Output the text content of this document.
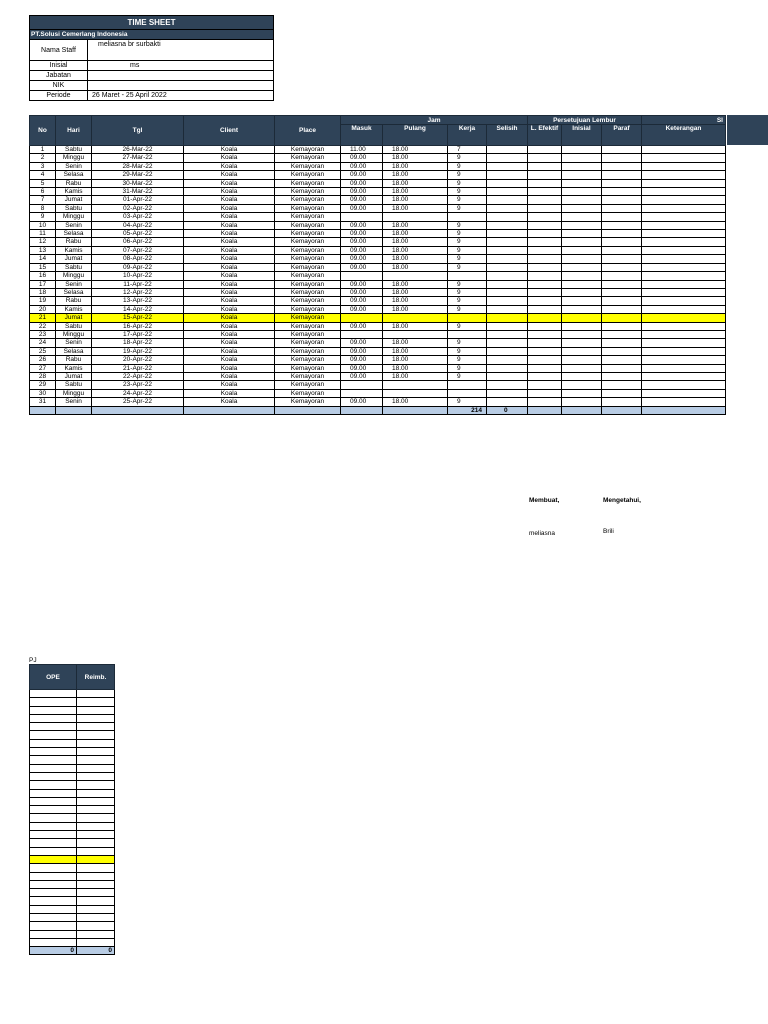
TIME SHEET	
PT.Solusi Cemerlang Indonesia	
Nama Staff	meliasna br surbakti
Inisial	ms
Jabatan	
NIK	
Periode	26 Maret - 25 April 2022
No	Hari	Tgl	Client	Place	Jam				Persetujuan Lembur			SI
					Masuk	Pulang	Kerja	Selisih	L. Efektif	Inisial	Paraf	Keterangan
1	Sabtu	26-Mar-22	Koala	Kemayoran	11.00	18.00	7					
2	Minggu	27-Mar-22	Koala	Kemayoran	09.00	18.00	9					
3	Senin	28-Mar-22	Koala	Kemayoran	09.00	18.00	9					
4	Selasa	29-Mar-22	Koala	Kemayoran	09.00	18.00	9					
5	Rabu	30-Mar-22	Koala	Kemayoran	09.00	18.00	9					
6	Kamis	31-Mar-22	Koala	Kemayoran	09.00	18.00	9					
7	Jumat	01-Apr-22	Koala	Kemayoran	09.00	18.00	9					
8	Sabtu	02-Apr-22	Koala	Kemayoran	09.00	18.00	9					
9	Minggu	03-Apr-22	Koala	Kemayoran								
10	Senin	04-Apr-22	Koala	Kemayoran	09.00	18.00	9					
11	Selasa	05-Apr-22	Koala	Kemayoran	09.00	18.00	9					
12	Rabu	06-Apr-22	Koala	Kemayoran	09.00	18.00	9					
13	Kamis	07-Apr-22	Koala	Kemayoran	09.00	18.00	9					
14	Jumat	08-Apr-22	Koala	Kemayoran	09.00	18.00	9					
15	Sabtu	09-Apr-22	Koala	Kemayoran	09.00	18.00	9					
16	Minggu	10-Apr-22	Koala	Kemayoran								
17	Senin	11-Apr-22	Koala	Kemayoran	09.00	18.00	9					
18	Selasa	12-Apr-22	Koala	Kemayoran	09.00	18.00	9					
19	Rabu	13-Apr-22	Koala	Kemayoran	09.00	18.00	9					
20	Kamis	14-Apr-22	Koala	Kemayoran	09.00	18.00	9					
21	Jumat	15-Apr-22	Koala	Kemayoran								
22	Sabtu	16-Apr-22	Koala	Kemayoran	09.00	18.00	9					
23	Minggu	17-Apr-22	Koala	Kemayoran								
24	Senin	18-Apr-22	Koala	Kemayoran	09.00	18.00	9					
25	Selasa	19-Apr-22	Koala	Kemayoran	09.00	18.00	9					
26	Rabu	20-Apr-22	Koala	Kemayoran	09.00	18.00	9					
27	Kamis	21-Apr-22	Koala	Kemayoran	09.00	18.00	9					
28	Jumat	22-Apr-22	Koala	Kemayoran	09.00	18.00	9					
29	Sabtu	23-Apr-22	Koala	Kemayoran								
30	Minggu	24-Apr-22	Koala	Kemayoran								
31	Senin	25-Apr-22	Koala	Kemayoran	09.00	18.00	9					
							214	0				
Membuat,	Mengetahui,
meliasna	Brili
PJ
OPE	Reimb.

0	0
